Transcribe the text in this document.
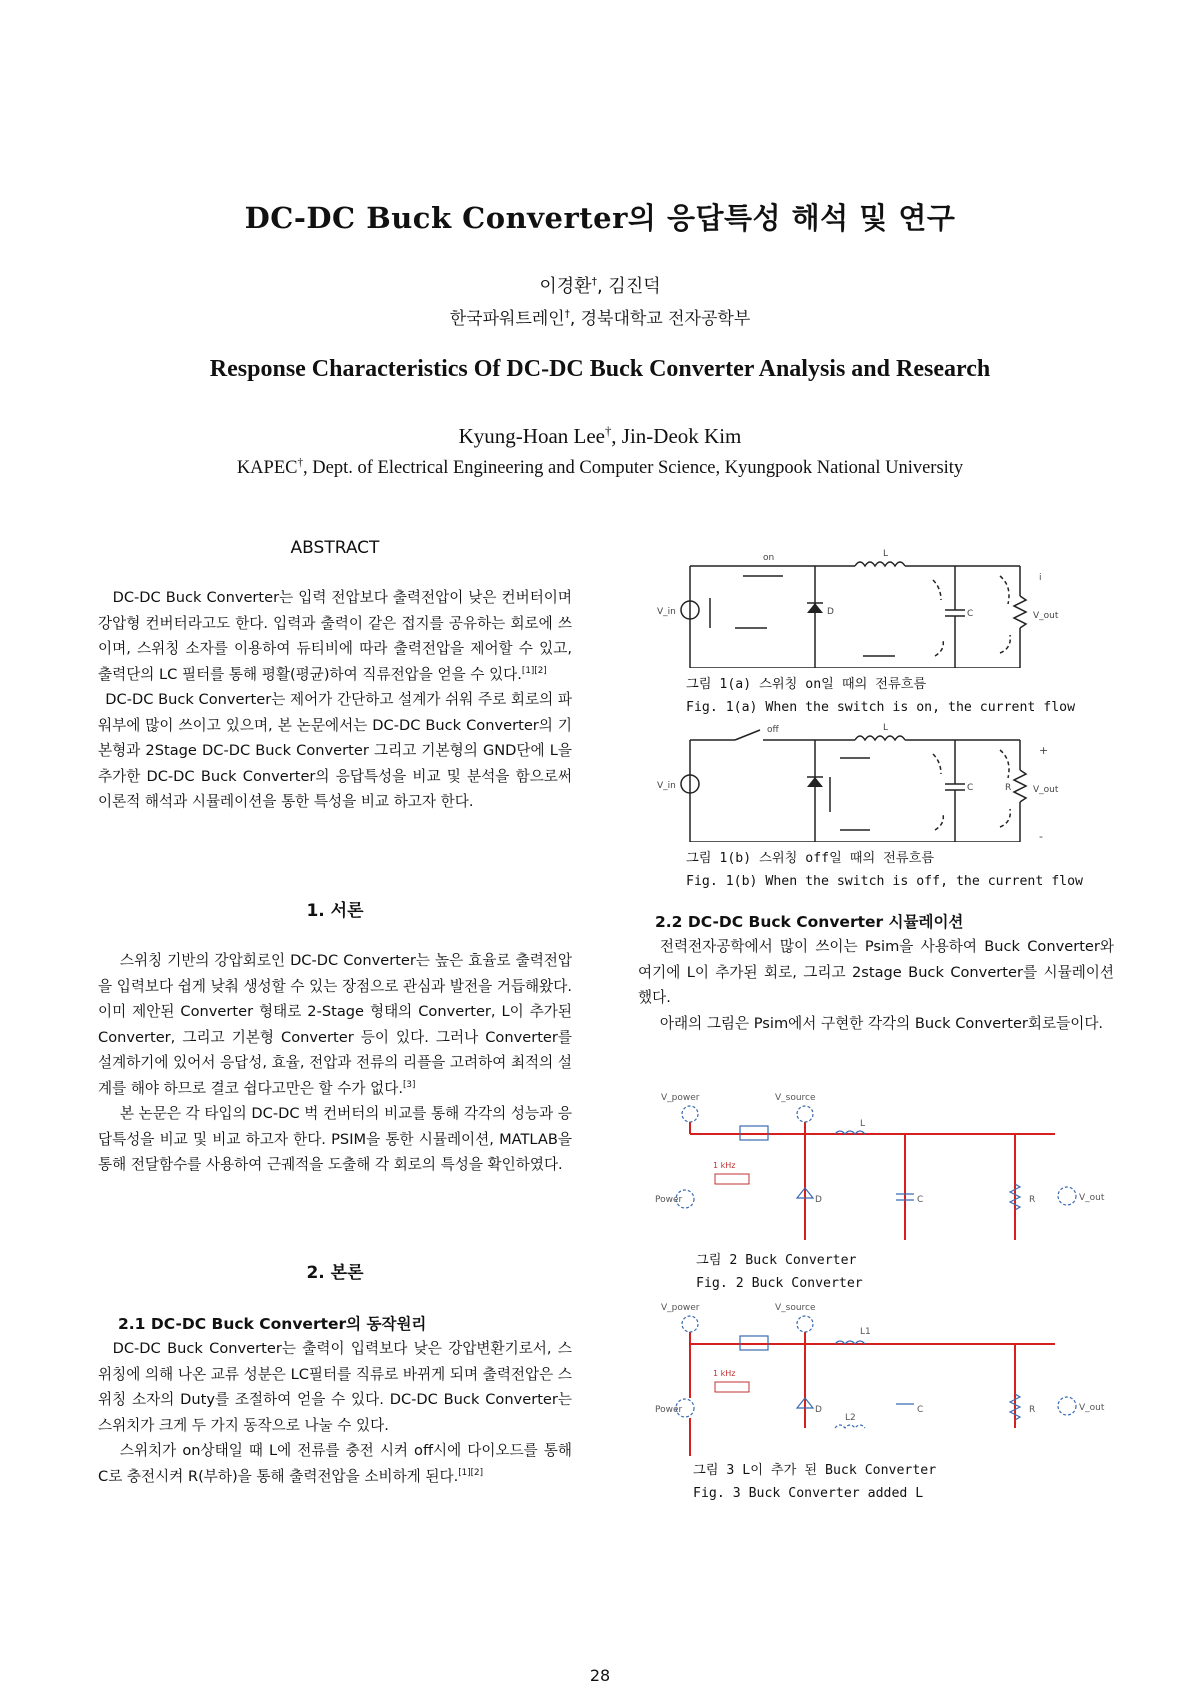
DC-DC Buck Converter의 응답특성 해석 및 연구
이경환†, 김진덕
한국파워트레인†, 경북대학교 전자공학부
Response Characteristics Of DC-DC Buck Converter Analysis and Research
Kyung-Hoan Lee†, Jin-Deok Kim
KAPEC†, Dept. of Electrical Engineering and Computer Science, Kyungpook National University
ABSTRACT

DC-DC Buck Converter는 입력 전압보다 출력전압이 낮은 컨버터이며 강압형 컨버터라고도 한다. 입력과 출력이 같은 접지를 공유하는 회로에 쓰이며, 스위칭 소자를 이용하여 듀티비에 따라 출력전압을 제어할 수 있고, 출력단의 LC 필터를 통해 평활(평균)하여 직류전압을 얻을 수 있다.[1][2]

DC-DC Buck Converter는 제어가 간단하고 설계가 쉬워 주로 회로의 파워부에 많이 쓰이고 있으며, 본 논문에서는 DC-DC Buck Converter의 기본형과 2Stage DC-DC Buck Converter 그리고 기본형의 GND단에 L을 추가한 DC-DC Buck Converter의 응답특성을 비교 및 분석을 함으로써 이론적 해석과 시뮬레이션을 통한 특성을 비교 하고자 한다.

1. 서론

스위칭 기반의 강압회로인 DC-DC Converter는 높은 효율로 출력전압을 입력보다 쉽게 낮춰 생성할 수 있는 장점으로 관심과 발전을 거듭해왔다. 이미 제안된 Converter 형태로 2-Stage 형태의 Converter, L이 추가된 Converter, 그리고 기본형 Converter 등이 있다. 그러나 Converter를 설계하기에 있어서 응답성, 효율, 전압과 전류의 리플을 고려하여 최적의 설계를 해야 하므로 결코 쉽다고만은 할 수가 없다.[3]

본 논문은 각 타입의 DC-DC 벅 컨버터의 비교를 통해 각각의 성능과 응답특성을 비교 및 비교 하고자 한다. PSIM을 통한 시뮬레이션, MATLAB을 통해 전달함수를 사용하여 근궤적을 도출해 각 회로의 특성을 확인하였다.

2. 본론
2.1 DC-DC Buck Converter의 동작원리

DC-DC Buck Converter는 출력이 입력보다 낮은 강압변환기로서, 스위칭에 의해 나온 교류 성분은 LC필터를 직류로 바뀌게 되며 출력전압은 스위칭 소자의 Duty를 조절하여 얻을 수 있다. DC-DC Buck Converter는 스위치가 크게 두 가지 동작으로 나눌 수 있다.

스위치가 on상태일 때 L에 전류를 충전 시켜 off시에 다이오드를 통해 C로 충전시켜 R(부하)을 통해 출력전압을 소비하게 된다.[1][2]

V_in
on	L
D	C	V_out
i
그림 1(a) 스위칭 on일 때의 전류흐름
Fig. 1(a) When the switch is on, the current flow
V_in
off	L
C	R V_out
+
-
그림 1(b) 스위칭 off일 때의 전류흐름
Fig. 1(b) When the switch is off, the current flow
2.2 DC-DC Buck Converter 시뮬레이션

전력전자공학에서 많이 쓰이는 Psim을 사용하여 Buck Converter와 여기에 L이 추가된 회로, 그리고 2stage Buck Converter를 시뮬레이션 했다.

아래의 그림은 Psim에서 구현한 각각의 Buck Converter회로들이다.

V_power	V_source
L
1 kHz
Power	D	C	R	V_out
그림 2 Buck Converter
Fig. 2 Buck Converter
V_power	V_source
L1
1 kHz
Power	D	C	R	V_out
L2
그림 3 L이 추가 된 Buck Converter
Fig. 3 Buck Converter added L
28
